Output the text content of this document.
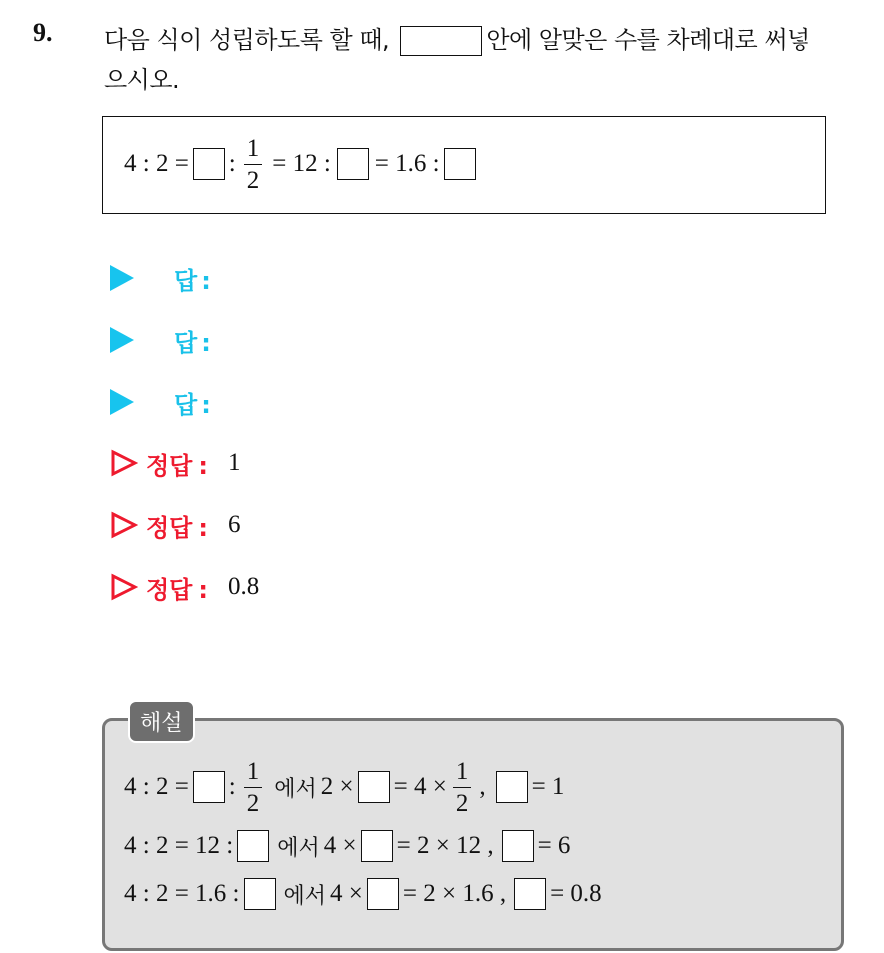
9. 다음 식이 성립하도록 할 때,	안에 알맞은 수를 차례대로 써넣
으시오.
4 : 2 = : $\frac{1}{2} = 12$ : = 1.6 :
답 :
답 :
답 :
정답 : 1
정답 : 6
정답 : 0.8
해설
4 : 2 = : $\frac{1}{2}$ 에서 2 × = $4 \times \frac{1}{2}$ , = 1
4 : 2 = 12 : 에서 4 × = 2 × 12 , = 6
4 : 2 = 1.6 : 에서 4 × = 2 × 1.6 , = 0.8
